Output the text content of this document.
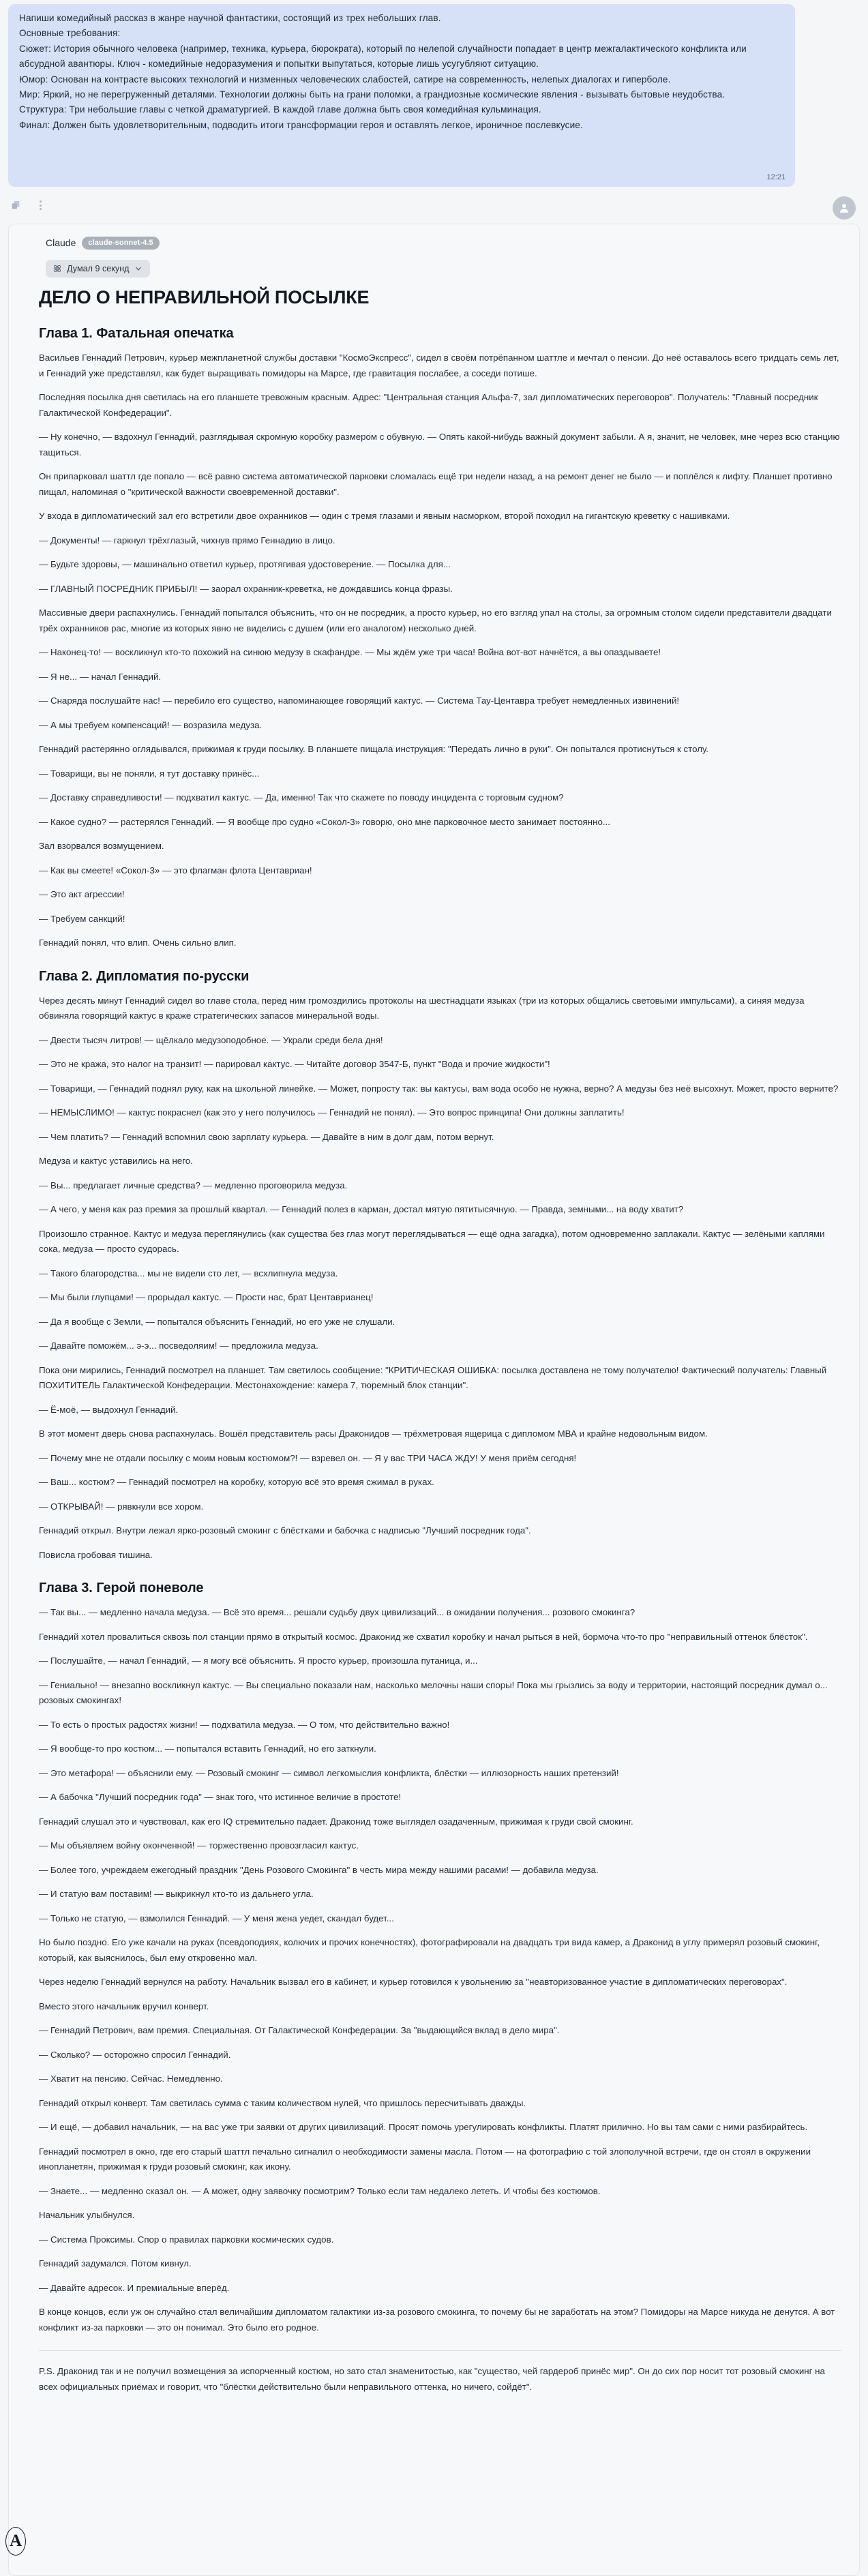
Напиши комедийный рассказ в жанре научной фантастики, состоящий из трех небольших глав.

Основные требования:

Сюжет: История обычного человека (например, техника, курьера, бюрократа), который по нелепой случайности попадает в центр межгалактического конфликта или абсурдной авантюры. Ключ - комедийные недоразумения и попытки выпутаться, которые лишь усугубляют ситуацию.

Юмор: Основан на контрасте высоких технологий и низменных человеческих слабостей, сатире на современность, нелепых диалогах и гиперболе.

Мир: Яркий, но не перегруженный деталями. Технологии должны быть на грани поломки, а грандиозные космические явления - вызывать бытовые неудобства.

Структура: Три небольшие главы с четкой драматургией. В каждой главе должна быть своя комедийная кульминация.

Финал: Должен быть удовлетворительным, подводить итоги трансформации героя и оставлять легкое, ироничное послевкусие.

12:21
Claude	claude-sonnet-4.5
Думал 9 секунд
ДЕЛО О НЕПРАВИЛЬНОЙ ПОСЫЛКЕ
Глава 1. Фатальная опечатка

Васильев Геннадий Петрович, курьер межпланетной службы доставки "КосмоЭкспресс", сидел в своём потрёпанном шаттле и мечтал о пенсии. До неё оставалось всего тридцать семь лет, и Геннадий уже представлял, как будет выращивать помидоры на Марсе, где гравитация послабее, а соседи потише.

Последняя посылка дня светилась на его планшете тревожным красным. Адрес: "Центральная станция Альфа-7, зал дипломатических переговоров". Получатель: "Главный посредник Галактической Конфедерации".

— Ну конечно, — вздохнул Геннадий, разглядывая скромную коробку размером с обувную. — Опять какой-нибудь важный документ забыли. А я, значит, не человек, мне через всю станцию тащиться.

Он припарковал шаттл где попало — всё равно система автоматической парковки сломалась ещё три недели назад, а на ремонт денег не было — и поплёлся к лифту. Планшет противно пищал, напоминая о "критической важности своевременной доставки".

У входа в дипломатический зал его встретили двое охранников — один с тремя глазами и явным насморком, второй походил на гигантскую креветку с нашивками.

— Документы! — гаркнул трёхглазый, чихнув прямо Геннадию в лицо.

— Будьте здоровы, — машинально ответил курьер, протягивая удостоверение. — Посылка для...

— ГЛАВНЫЙ ПОСРЕДНИК ПРИБЫЛ! — заорал охранник-креветка, не дождавшись конца фразы.

Массивные двери распахнулись. Геннадий попытался объяснить, что он не посредник, а просто курьер, но его взгляд упал на столы, за огромным столом сидели представители двадцати трёх охранников рас, многие из которых явно не виделись с душем (или его аналогом) несколько дней.

— Наконец-то! — воскликнул кто-то похожий на синюю медузу в скафандре. — Мы ждём уже три часа! Война вот-вот начнётся, а вы опаздываете!

— Я не... — начал Геннадий.

— Снаряда послушайте нас! — перебило его существо, напоминающее говорящий кактус. — Система Тау-Центавра требует немедленных извинений!

— А мы требуем компенсаций! — возразила медуза.

Геннадий растерянно оглядывался, прижимая к груди посылку. В планшете пищала инструкция: "Передать лично в руки". Он попытался протиснуться к столу.

— Товарищи, вы не поняли, я тут доставку принёс...

— Доставку справедливости! — подхватил кактус. — Да, именно! Так что скажете по поводу инцидента с торговым судном?

— Какое судно? — растерялся Геннадий. — Я вообще про судно «Сокол-3» говорю, оно мне парковочное место занимает постоянно...

Зал взорвался возмущением.

— Как вы смеете! «Сокол-3» — это флагман флота Центавриан!

— Это акт агрессии!

— Требуем санкций!

Геннадий понял, что влип. Очень сильно влип.

Глава 2. Дипломатия по-русски

Через десять минут Геннадий сидел во главе стола, перед ним громоздились протоколы на шестнадцати языках (три из которых общались световыми импульсами), а синяя медуза обвиняла говорящий кактус в краже стратегических запасов минеральной воды.

— Двести тысяч литров! — щёлкало медузоподобное. — Украли среди бела дня!

— Это не кража, это налог на транзит! — парировал кактус. — Читайте договор 3547-Б, пункт "Вода и прочие жидкости"!

— Товарищи, — Геннадий поднял руку, как на школьной линейке. — Может, попросту так: вы кактусы, вам вода особо не нужна, верно? А медузы без неё высохнут. Может, просто верните?

— НЕМЫСЛИМО! — кактус покраснел (как это у него получилось — Геннадий не понял). — Это вопрос принципа! Они должны заплатить!

— Чем платить? — Геннадий вспомнил свою зарплату курьера. — Давайте в ним в долг дам, потом вернут.

Медуза и кактус уставились на него.

— Вы... предлагает личные средства? — медленно проговорила медуза.

— А чего, у меня как раз премия за прошлый квартал. — Геннадий полез в карман, достал мятую пятитысячную. — Правда, земными... на воду хватит?

Произошло странное. Кактус и медуза переглянулись (как существа без глаз могут переглядываться — ещё одна загадка), потом одновременно заплакали. Кактус — зелёными каплями сока, медуза — просто судорась.

— Такого благородства... мы не видели сто лет, — всхлипнула медуза.

— Мы были глупцами! — прорыдал кактус. — Прости нас, брат Центаврианец!

— Да я вообще с Земли, — попытался объяснить Геннадий, но его уже не слушали.

— Давайте поможём... э-э... посведоляим! — предложила медуза.

Пока они мирились, Геннадий посмотрел на планшет. Там светилось сообщение: "КРИТИЧЕСКАЯ ОШИБКА: посылка доставлена не тому получателю! Фактический получатель: Главный ПОХИТИТЕЛЬ Галактической Конфедерации. Местонахождение: камера 7, тюремный блок станции".

— Ё-моё, — выдохнул Геннадий.

В этот момент дверь снова распахнулась. Вошёл представитель расы Драконидов — трёхметровая ящерица с дипломом МВА и крайне недовольным видом.

— Почему мне не отдали посылку с моим новым костюмом?! — взревел он. — Я у вас ТРИ ЧАСА ЖДУ! У меня приём сегодня!

— Ваш... костюм? — Геннадий посмотрел на коробку, которую всё это время сжимал в руках.

— ОТКРЫВАЙ! — рявкнули все хором.

Геннадий открыл. Внутри лежал ярко-розовый смокинг с блёстками и бабочка с надписью "Лучший посредник года".

Повисла гробовая тишина.

Глава 3. Герой поневоле

— Так вы... — медленно начала медуза. — Всё это время... решали судьбу двух цивилизаций... в ожидании получения... розового смокинга?

Геннадий хотел провалиться сквозь пол станции прямо в открытый космос. Драконид же схватил коробку и начал рыться в ней, бормоча что-то про "неправильный оттенок блёсток".

— Послушайте, — начал Геннадий, — я могу всё объяснить. Я просто курьер, произошла путаница, и...

— Гениально! — внезапно воскликнул кактус. — Вы специально показали нам, насколько мелочны наши споры! Пока мы грызлись за воду и территории, настоящий посредник думал о... розовых смокингах!

— То есть о простых радостях жизни! — подхватила медуза. — О том, что действительно важно!

— Я вообще-то про костюм... — попытался вставить Геннадий, но его заткнули.

— Это метафора! — объяснили ему. — Розовый смокинг — символ легкомыслия конфликта, блёстки — иллюзорность наших претензий!

— А бабочка "Лучший посредник года" — знак того, что истинное величие в простоте!

Геннадий слушал это и чувствовал, как его IQ стремительно падает. Драконид тоже выглядел озадаченным, прижимая к груди свой смокинг.

— Мы объявляем войну оконченной! — торжественно провозгласил кактус.

— Более того, учреждаем ежегодный праздник "День Розового Смокинга" в честь мира между нашими расами! — добавила медуза.

— И статую вам поставим! — выкрикнул кто-то из дальнего угла.

— Только не статую, — взмолился Геннадий. — У меня жена уедет, скандал будет...

Но было поздно. Его уже качали на руках (псевдоподиях, колючих и прочих конечностях), фотографировали на двадцать три вида камер, а Драконид в углу примерял розовый смокинг, который, как выяснилось, был ему откровенно мал.

Через неделю Геннадий вернулся на работу. Начальник вызвал его в кабинет, и курьер готовился к увольнению за "неавторизованное участие в дипломатических переговорах".

Вместо этого начальник вручил конверт.

— Геннадий Петрович, вам премия. Специальная. От Галактической Конфедерации. За "выдающийся вклад в дело мира".

— Сколько? — осторожно спросил Геннадий.

— Хватит на пенсию. Сейчас. Немедленно.

Геннадий открыл конверт. Там светилась сумма с таким количеством нулей, что пришлось пересчитывать дважды.

— И ещё, — добавил начальник, — на вас уже три заявки от других цивилизаций. Просят помочь урегулировать конфликты. Платят прилично. Но вы там сами с ними разбирайтесь.

Геннадий посмотрел в окно, где его старый шаттл печально сигналил о необходимости замены масла. Потом — на фотографию с той злополучной встречи, где он стоял в окружении инопланетян, прижимая к груди розовый смокинг, как икону.

— Знаете... — медленно сказал он. — А может, одну заявочку посмотрим? Только если там недалеко лететь. И чтобы без костюмов.

Начальник улыбнулся.

— Система Проксимы. Спор о правилах парковки космических судов.

Геннадий задумался. Потом кивнул.

— Давайте адресок. И премиальные вперёд.

В конце концов, если уж он случайно стал величайшим дипломатом галактики из-за розового смокинга, то почему бы не заработать на этом? Помидоры на Марсе никуда не денутся. А вот конфликт из-за парковки — это он понимал. Это было его родное.

P.S. Драконид так и не получил возмещения за испорченный костюм, но зато стал знаменитостью, как "существо, чей гардероб принёс мир". Он до сих пор носит тот розовый смокинг на всех официальных приёмах и говорит, что "блёстки действительно были неправильного оттенка, но ничего, сойдёт".

A
